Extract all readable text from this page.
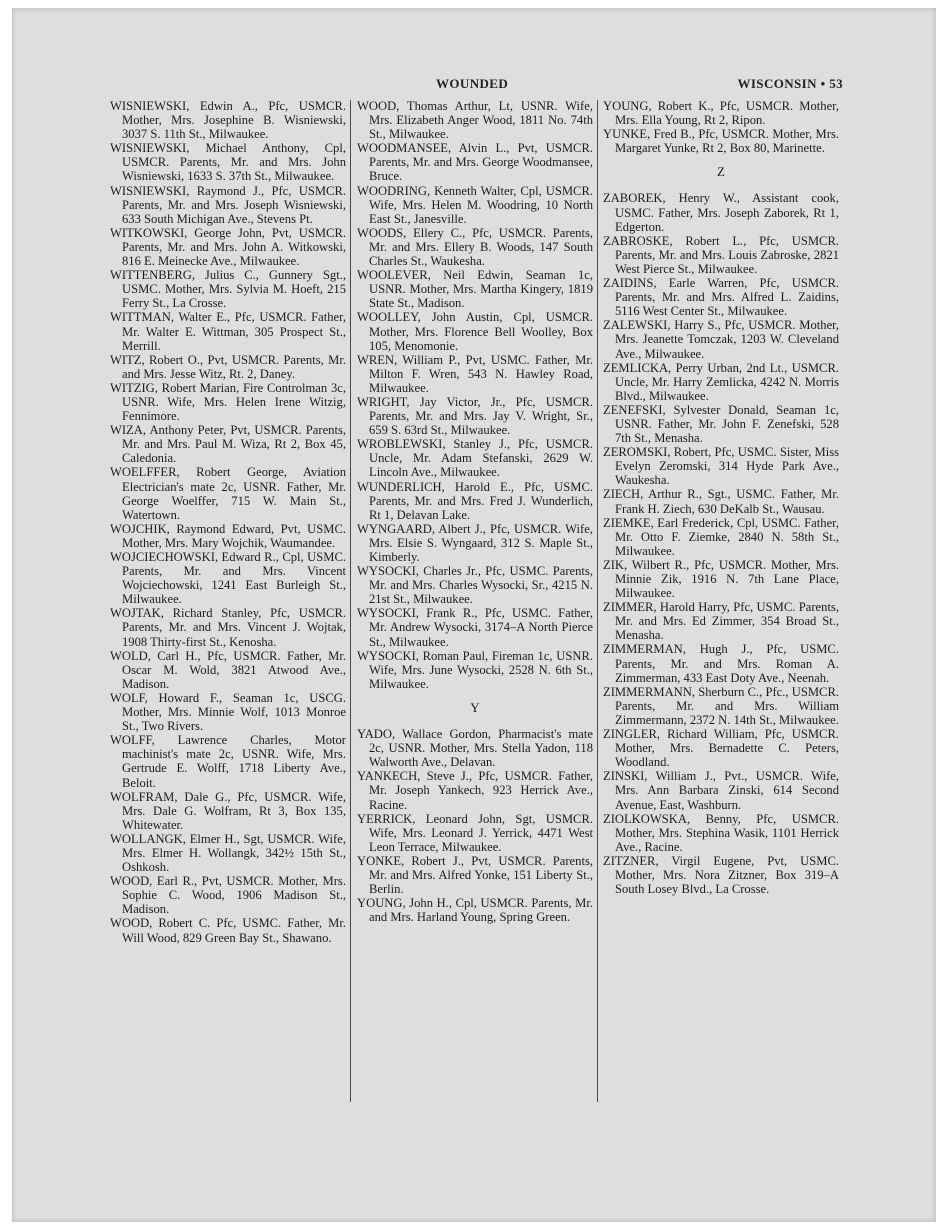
WOUNDED	WISCONSIN • 53

WISNIEWSKI, Edwin A., Pfc, USMCR. Mother, Mrs. Josephine B. Wisniewski, 3037 S. 11th St., Milwaukee.

WISNIEWSKI, Michael Anthony, Cpl, USMCR. Parents, Mr. and Mrs. John Wisniewski, 1633 S. 37th St., Milwaukee.

WISNIEWSKI, Raymond J., Pfc, USMCR. Parents, Mr. and Mrs. Joseph Wisniewski, 633 South Michigan Ave., Stevens Pt.

WITKOWSKI, George John, Pvt, USMCR. Parents, Mr. and Mrs. John A. Witkowski, 816 E. Meinecke Ave., Milwaukee.

WITTENBERG, Julius C., Gunnery Sgt., USMC. Mother, Mrs. Sylvia M. Hoeft, 215 Ferry St., La Crosse.

WITTMAN, Walter E., Pfc, USMCR. Father, Mr. Walter E. Wittman, 305 Prospect St., Merrill.

WITZ, Robert O., Pvt, USMCR. Parents, Mr. and Mrs. Jesse Witz, Rt. 2, Daney.

WITZIG, Robert Marian, Fire Controlman 3c, USNR. Wife, Mrs. Helen Irene Witzig, Fennimore.

WIZA, Anthony Peter, Pvt, USMCR. Parents, Mr. and Mrs. Paul M. Wiza, Rt 2, Box 45, Caledonia.

WOELFFER, Robert George, Aviation Electrician's mate 2c, USNR. Father, Mr. George Woelffer, 715 W. Main St., Watertown.

WOJCHIK, Raymond Edward, Pvt, USMC. Mother, Mrs. Mary Wojchik, Waumandee.

WOJCIECHOWSKI, Edward R., Cpl, USMC. Parents, Mr. and Mrs. Vincent Wojciechowski, 1241 East Burleigh St., Milwaukee.

WOJTAK, Richard Stanley, Pfc, USMCR. Parents, Mr. and Mrs. Vincent J. Wojtak, 1908 Thirty-first St., Kenosha.

WOLD, Carl H., Pfc, USMCR. Father, Mr. Oscar M. Wold, 3821 Atwood Ave., Madison.

WOLF, Howard F., Seaman 1c, USCG. Mother, Mrs. Minnie Wolf, 1013 Monroe St., Two Rivers.

WOLFF, Lawrence Charles, Motor machinist's mate 2c, USNR. Wife, Mrs. Gertrude E. Wolff, 1718 Liberty Ave., Beloit.

WOLFRAM, Dale G., Pfc, USMCR. Wife, Mrs. Dale G. Wolfram, Rt 3, Box 135, Whitewater.

WOLLANGK, Elmer H., Sgt, USMCR. Wife, Mrs. Elmer H. Wollangk, 342½ 15th St., Oshkosh.

WOOD, Earl R., Pvt, USMCR. Mother, Mrs. Sophie C. Wood, 1906 Madison St., Madison.

WOOD, Robert C. Pfc, USMC. Father, Mr. Will Wood, 829 Green Bay St., Shawano.

WOOD, Thomas Arthur, Lt, USNR. Wife, Mrs. Elizabeth Anger Wood, 1811 No. 74th St., Milwaukee.

WOODMANSEE, Alvin L., Pvt, USMCR. Parents, Mr. and Mrs. George Woodmansee, Bruce.

WOODRING, Kenneth Walter, Cpl, USMCR. Wife, Mrs. Helen M. Woodring, 10 North East St., Janesville.

WOODS, Ellery C., Pfc, USMCR. Parents, Mr. and Mrs. Ellery B. Woods, 147 South Charles St., Waukesha.

WOOLEVER, Neil Edwin, Seaman 1c, USNR. Mother, Mrs. Martha Kingery, 1819 State St., Madison.

WOOLLEY, John Austin, Cpl, USMCR. Mother, Mrs. Florence Bell Woolley, Box 105, Menomonie.

WREN, William P., Pvt, USMC. Father, Mr. Milton F. Wren, 543 N. Hawley Road, Milwaukee.

WRIGHT, Jay Victor, Jr., Pfc, USMCR. Parents, Mr. and Mrs. Jay V. Wright, Sr., 659 S. 63rd St., Milwaukee.

WROBLEWSKI, Stanley J., Pfc, USMCR. Uncle, Mr. Adam Stefanski, 2629 W. Lincoln Ave., Milwaukee.

WUNDERLICH, Harold E., Pfc, USMC. Parents, Mr. and Mrs. Fred J. Wunderlich, Rt 1, Delavan Lake.

WYNGAARD, Albert J., Pfc, USMCR. Wife, Mrs. Elsie S. Wyngaard, 312 S. Maple St., Kimberly.

WYSOCKI, Charles Jr., Pfc, USMC. Parents, Mr. and Mrs. Charles Wysocki, Sr., 4215 N. 21st St., Milwaukee.

WYSOCKI, Frank R., Pfc, USMC. Father, Mr. Andrew Wysocki, 3174–A North Pierce St., Milwaukee.

WYSOCKI, Roman Paul, Fireman 1c, USNR. Wife, Mrs. June Wysocki, 2528 N. 6th St., Milwaukee.

Y

YADO, Wallace Gordon, Pharmacist's mate 2c, USNR. Mother, Mrs. Stella Yadon, 118 Walworth Ave., Delavan.

YANKECH, Steve J., Pfc, USMCR. Father, Mr. Joseph Yankech, 923 Herrick Ave., Racine.

YERRICK, Leonard John, Sgt, USMCR. Wife, Mrs. Leonard J. Yerrick, 4471 West Leon Terrace, Milwaukee.

YONKE, Robert J., Pvt, USMCR. Parents, Mr. and Mrs. Alfred Yonke, 151 Liberty St., Berlin.

YOUNG, John H., Cpl, USMCR. Parents, Mr. and Mrs. Harland Young, Spring Green.

YOUNG, Robert K., Pfc, USMCR. Mother, Mrs. Ella Young, Rt 2, Ripon.

YUNKE, Fred B., Pfc, USMCR. Mother, Mrs. Margaret Yunke, Rt 2, Box 80, Marinette.

Z

ZABOREK, Henry W., Assistant cook, USMC. Father, Mrs. Joseph Zaborek, Rt 1, Edgerton.

ZABROSKE, Robert L., Pfc, USMCR. Parents, Mr. and Mrs. Louis Zabroske, 2821 West Pierce St., Milwaukee.

ZAIDINS, Earle Warren, Pfc, USMCR. Parents, Mr. and Mrs. Alfred L. Zaidins, 5116 West Center St., Milwaukee.

ZALEWSKI, Harry S., Pfc, USMCR. Mother, Mrs. Jeanette Tomczak, 1203 W. Cleveland Ave., Milwaukee.

ZEMLICKA, Perry Urban, 2nd Lt., USMCR. Uncle, Mr. Harry Zemlicka, 4242 N. Morris Blvd., Milwaukee.

ZENEFSKI, Sylvester Donald, Seaman 1c, USNR. Father, Mr. John F. Zenefski, 528 7th St., Menasha.

ZEROMSKI, Robert, Pfc, USMC. Sister, Miss Evelyn Zeromski, 314 Hyde Park Ave., Waukesha.

ZIECH, Arthur R., Sgt., USMC. Father, Mr. Frank H. Ziech, 630 DeKalb St., Wausau.

ZIEMKE, Earl Frederick, Cpl, USMC. Father, Mr. Otto F. Ziemke, 2840 N. 58th St., Milwaukee.

ZIK, Wilbert R., Pfc, USMCR. Mother, Mrs. Minnie Zik, 1916 N. 7th Lane Place, Milwaukee.

ZIMMER, Harold Harry, Pfc, USMC. Parents, Mr. and Mrs. Ed Zimmer, 354 Broad St., Menasha.

ZIMMERMAN, Hugh J., Pfc, USMC. Parents, Mr. and Mrs. Roman A. Zimmerman, 433 East Doty Ave., Neenah.

ZIMMERMANN, Sherburn C., Pfc., USMCR. Parents, Mr. and Mrs. William Zimmermann, 2372 N. 14th St., Milwaukee.

ZINGLER, Richard William, Pfc, USMCR. Mother, Mrs. Bernadette C. Peters, Woodland.

ZINSKI, William J., Pvt., USMCR. Wife, Mrs. Ann Barbara Zinski, 614 Second Avenue, East, Washburn.

ZIOLKOWSKA, Benny, Pfc, USMCR. Mother, Mrs. Stephina Wasik, 1101 Herrick Ave., Racine.

ZITZNER, Virgil Eugene, Pvt, USMC. Mother, Mrs. Nora Zitzner, Box 319–A South Losey Blvd., La Crosse.
